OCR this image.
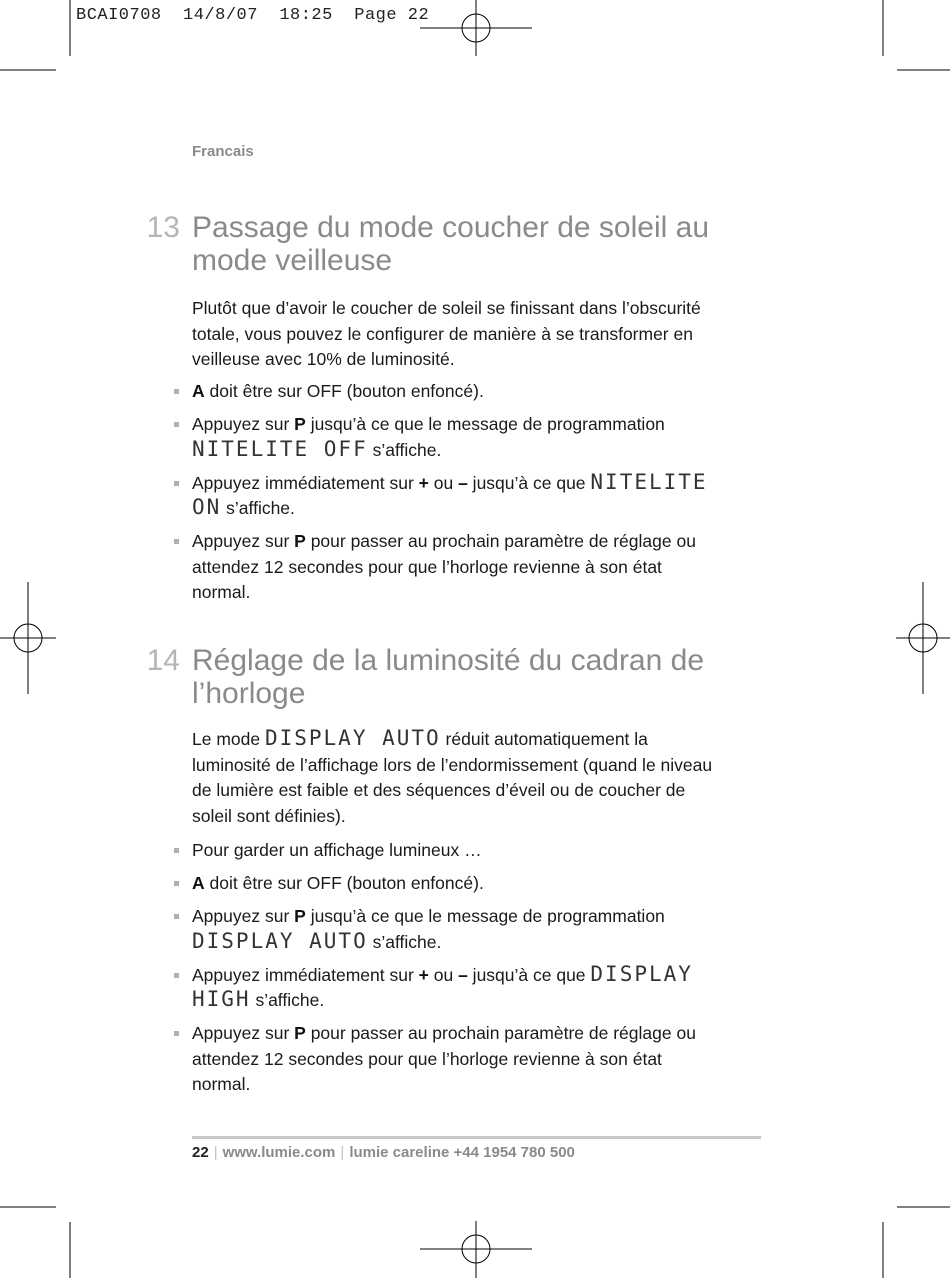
BCAI0708  14/8/07  18:25  Page 22
Francais
13 Passage du mode coucher de soleil au
mode veilleuse
Plutôt que d’avoir le coucher de soleil se finissant dans l’obscurité
totale, vous pouvez le configurer de manière à se transformer en
veilleuse avec 10% de luminosité.
A doit être sur OFF (bouton enfoncé).
Appuyez sur P jusqu’à ce que le message de programmation
NITELITE OFF s’affiche.
Appuyez immédiatement sur + ou – jusqu’à ce que NITELITE
ON s’affiche.
Appuyez sur P pour passer au prochain paramètre de réglage ou
attendez 12 secondes pour que l’horloge revienne à son état
normal.
14 Réglage de la luminosité du cadran de
l’horloge
Le mode DISPLAY AUTO réduit automatiquement la
luminosité de l’affichage lors de l’endormissement (quand le niveau
de lumière est faible et des séquences d’éveil ou de coucher de
soleil sont définies).
Pour garder un affichage lumineux …
A doit être sur OFF (bouton enfoncé).
Appuyez sur P jusqu’à ce que le message de programmation
DISPLAY AUTO s’affiche.
Appuyez immédiatement sur + ou – jusqu’à ce que DISPLAY
HIGH s’affiche.
Appuyez sur P pour passer au prochain paramètre de réglage ou
attendez 12 secondes pour que l’horloge revienne à son état
normal.
22 | www.lumie.com | lumie careline +44 1954 780 500
